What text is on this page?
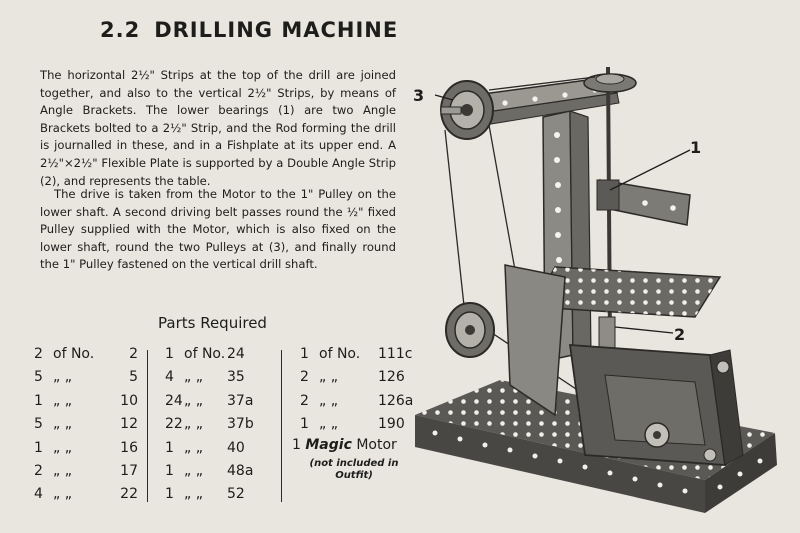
2.2 DRILLING MACHINE

The horizontal 2½" Strips at the top of the drill are joined together, and also to the vertical 2½" Strips, by means of Angle Brackets. The lower bearings (1) are two Angle Brackets bolted to a 2½" Strip, and the Rod forming the drill is journalled in these, and in a Fishplate at its upper end. A 2½"×2½" Flexible Plate is supported by a Double Angle Strip (2), and represents the table.

The drive is taken from the Motor to the 1" Pulley on the lower shaft. A second driving belt passes round the ½" fixed Pulley supplied with the Motor, which is also fixed on the lower shaft, round the two Pulleys at (3), and finally round the 1" Pulley fastened on the vertical drill shaft.

Parts Required
2 of No.	2
5 „ „	5
1 „ „	10
5 „ „	12
1 „ „	16
2 „ „	17
4 „ „	22
1 of No. 24
4 „ „ 35
24 „ „ 37a
22 „ „ 37b
1 „ „ 40
1 „ „ 48a
1 „ „ 52
1 of No. 111c
2 „ „	126
2 „ „	126a
1 „ „	190
1 Magic Motor
(not included in Outfit)
3
1
2
